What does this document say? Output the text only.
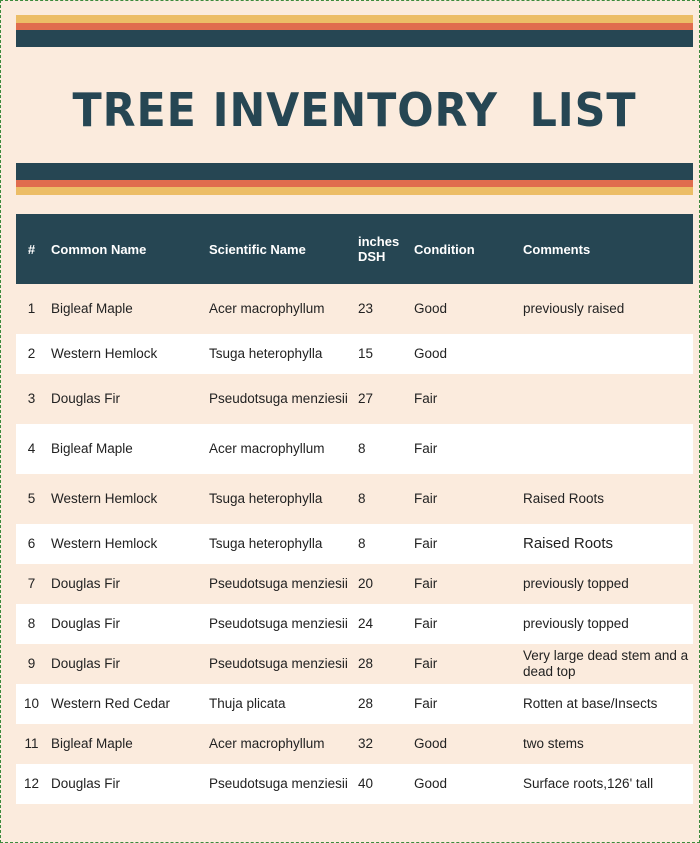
TREE INVENTORY  LIST
#	Common Name	Scientific Name	inches DSH	Condition	Comments
1	Bigleaf Maple	Acer macrophyllum	23	Good	previously raised
2	Western Hemlock	Tsuga heterophylla	15	Good	
3	Douglas Fir	Pseudotsuga menziesii	27	Fair	
4	Bigleaf Maple	Acer macrophyllum	8	Fair	
5	Western Hemlock	Tsuga heterophylla	8	Fair	Raised Roots
6	Western Hemlock	Tsuga heterophylla	8	Fair	Raised Roots
7	Douglas Fir	Pseudotsuga menziesii	20	Fair	previously topped
8	Douglas Fir	Pseudotsuga menziesii	24	Fair	previously topped
9	Douglas Fir	Pseudotsuga menziesii	28	Fair	Very large dead stem and a dead top
10	Western Red Cedar	Thuja plicata	28	Fair	Rotten at base/Insects
11	Bigleaf Maple	Acer macrophyllum	32	Good	two stems
12	Douglas Fir	Pseudotsuga menziesii	40	Good	Surface roots,126' tall
